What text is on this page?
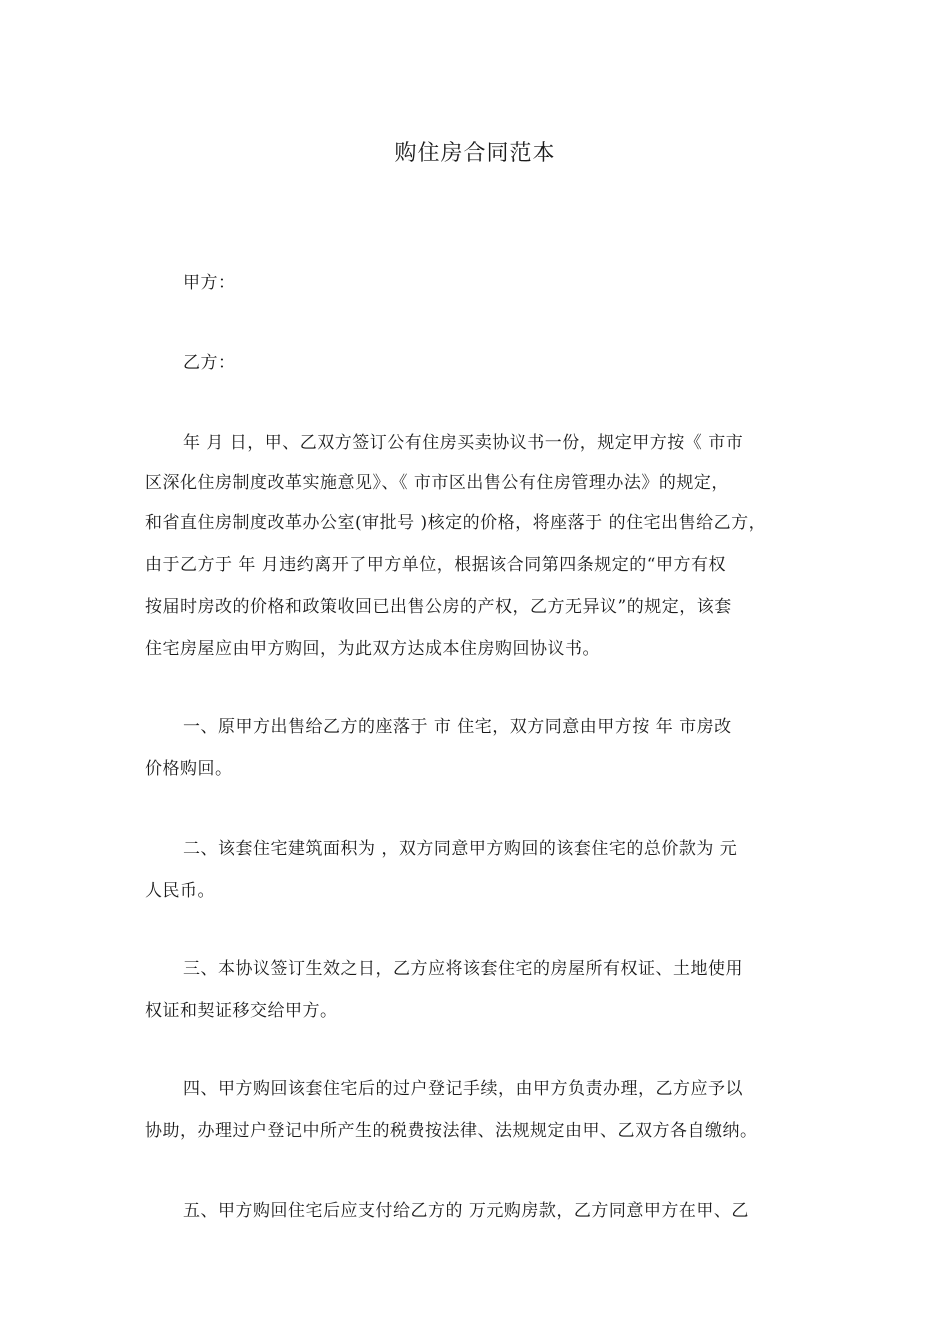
购住房合同范本
甲方：
乙方：
年 月 日，甲、乙双方签订公有住房买卖协议书一份，规定甲方按《 市市
区深化住房制度改革实施意见》、《 市市区出售公有住房管理办法》的规定，
和省直住房制度改革办公室(审批号 )核定的价格，将座落于 的住宅出售给乙方，
由于乙方于 年 月违约离开了甲方单位，根据该合同第四条规定的“甲方有权
按届时房改的价格和政策收回已出售公房的产权，乙方无异议”的规定，该套
住宅房屋应由甲方购回，为此双方达成本住房购回协议书。
一、原甲方出售给乙方的座落于 市 住宅，双方同意由甲方按 年 市房改
价格购回。
二、该套住宅建筑面积为 ，双方同意甲方购回的该套住宅的总价款为 元
人民币。
三、本协议签订生效之日，乙方应将该套住宅的房屋所有权证、土地使用
权证和契证移交给甲方。
四、甲方购回该套住宅后的过户登记手续，由甲方负责办理，乙方应予以
协助，办理过户登记中所产生的税费按法律、法规规定由甲、乙双方各自缴纳。
五、甲方购回住宅后应支付给乙方的 万元购房款，乙方同意甲方在甲、乙
